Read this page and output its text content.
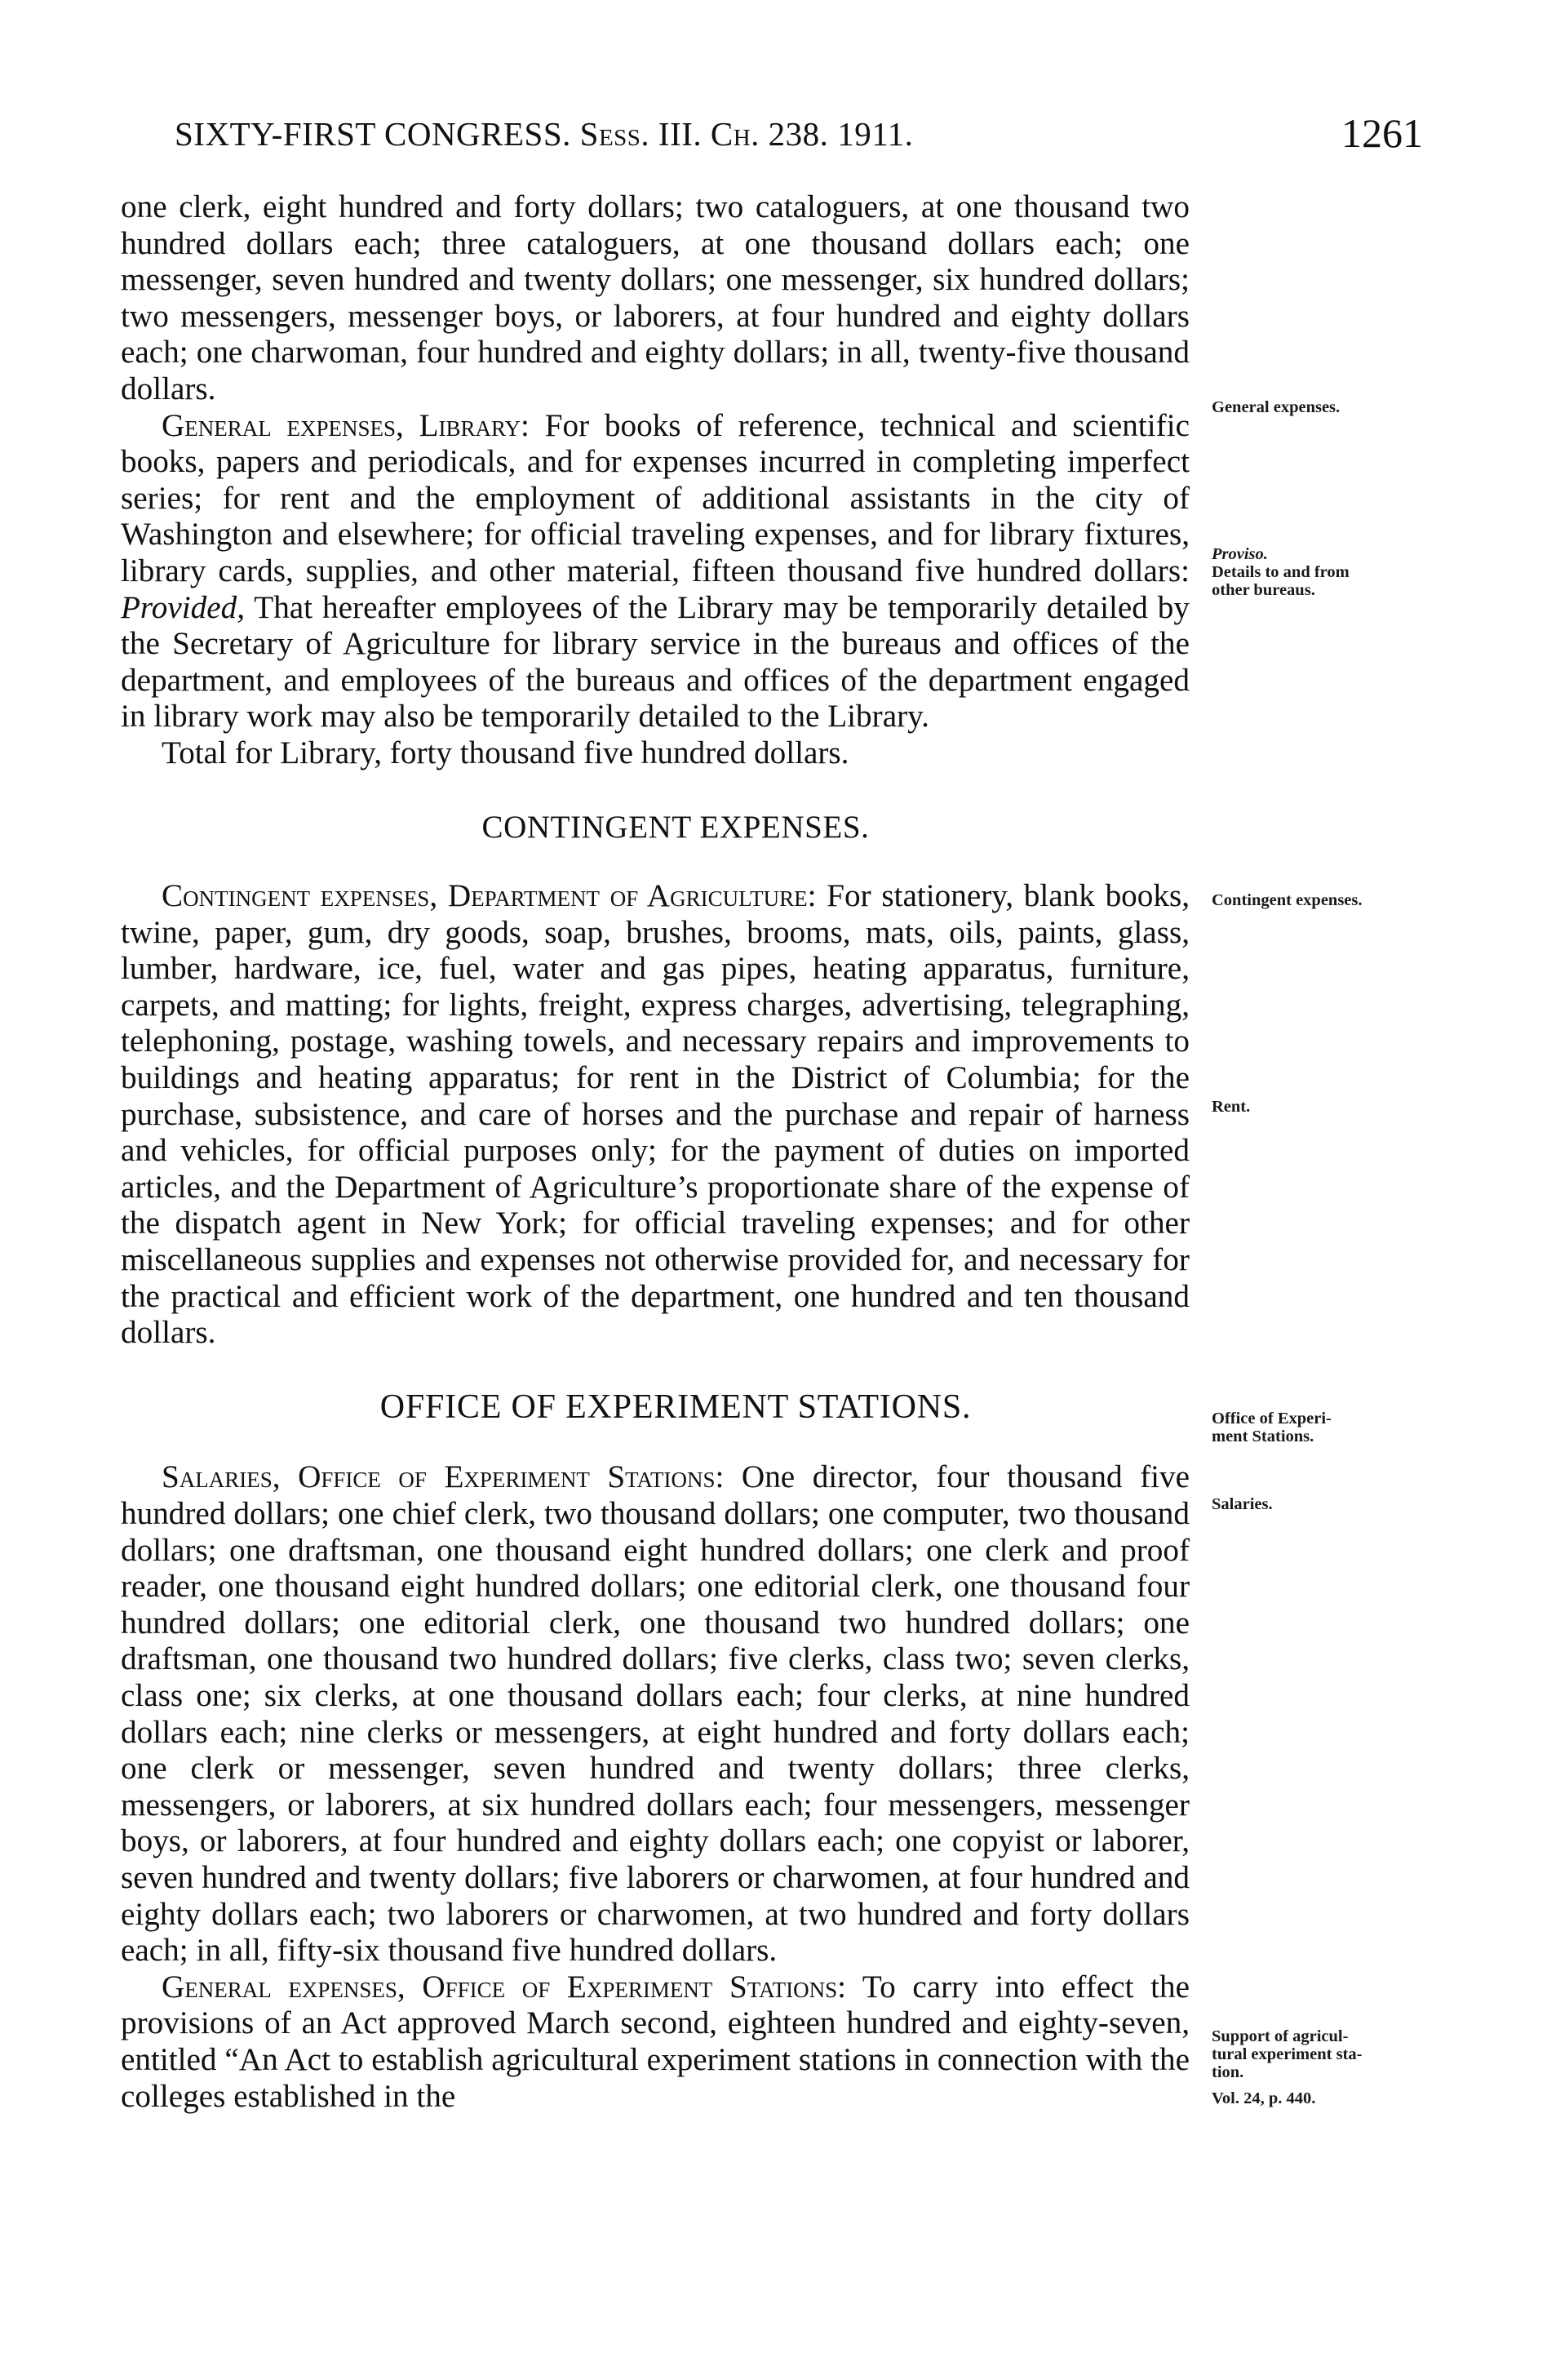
SIXTY-FIRST CONGRESS. Sess. III. Ch. 238. 1911.	1261

one clerk, eight hundred and forty dollars; two cataloguers, at one thousand two hundred dollars each; three cataloguers, at one thousand dollars each; one messenger, seven hundred and twenty dollars; one messenger, six hundred dollars; two messengers, messenger boys, or laborers, at four hundred and eighty dollars each; one charwoman, four hundred and eighty dollars; in all, twenty-five thousand dollars.

General expenses, Library: For books of reference, technical and scientific books, papers and periodicals, and for expenses incurred in completing imperfect series; for rent and the employment of additional assistants in the city of Washington and elsewhere; for official traveling expenses, and for library fixtures, library cards, supplies, and other material, fifteen thousand five hundred dollars: Provided, That hereafter employees of the Library may be temporarily detailed by the Secretary of Agriculture for library service in the bureaus and offices of the department, and employees of the bureaus and offices of the department engaged in library work may also be temporarily detailed to the Library.

Total for Library, forty thousand five hundred dollars.

CONTINGENT EXPENSES.

Contingent expenses, Department of Agriculture: For stationery, blank books, twine, paper, gum, dry goods, soap, brushes, brooms, mats, oils, paints, glass, lumber, hardware, ice, fuel, water and gas pipes, heating apparatus, furniture, carpets, and matting; for lights, freight, express charges, advertising, telegraphing, telephoning, postage, washing towels, and necessary repairs and improvements to buildings and heating apparatus; for rent in the District of Columbia; for the purchase, subsistence, and care of horses and the purchase and repair of harness and vehicles, for official purposes only; for the payment of duties on imported articles, and the Department of Agriculture’s proportionate share of the expense of the dispatch agent in New York; for official traveling expenses; and for other miscellaneous supplies and expenses not otherwise provided for, and necessary for the practical and efficient work of the department, one hundred and ten thousand dollars.

OFFICE OF EXPERIMENT STATIONS.

Salaries, Office of Experiment Stations: One director, four thousand five hundred dollars; one chief clerk, two thousand dollars; one computer, two thousand dollars; one draftsman, one thousand eight hundred dollars; one clerk and proof reader, one thousand eight hundred dollars; one editorial clerk, one thousand four hundred dollars; one editorial clerk, one thousand two hundred dollars; one draftsman, one thousand two hundred dollars; five clerks, class two; seven clerks, class one; six clerks, at one thousand dollars each; four clerks, at nine hundred dollars each; nine clerks or messengers, at eight hundred and forty dollars each; one clerk or messenger, seven hundred and twenty dollars; three clerks, messengers, or laborers, at six hundred dollars each; four messengers, messenger boys, or laborers, at four hundred and eighty dollars each; one copyist or laborer, seven hundred and twenty dollars; five laborers or charwomen, at four hundred and eighty dollars each; two laborers or charwomen, at two hundred and forty dollars each; in all, fifty-six thousand five hundred dollars.

General expenses, Office of Experiment Stations: To carry into effect the provisions of an Act approved March second, eighteen hundred and eighty-seven, entitled “An Act to establish agricultural experiment stations in connection with the colleges established in the

General expenses.
Proviso.
Details to and from
other bureaus.
Contingent expenses.
Rent.
Office of Experi-
ment Stations.
Salaries.
Support of agricul-
tural experiment sta-
tion.
Vol. 24, p. 440.
